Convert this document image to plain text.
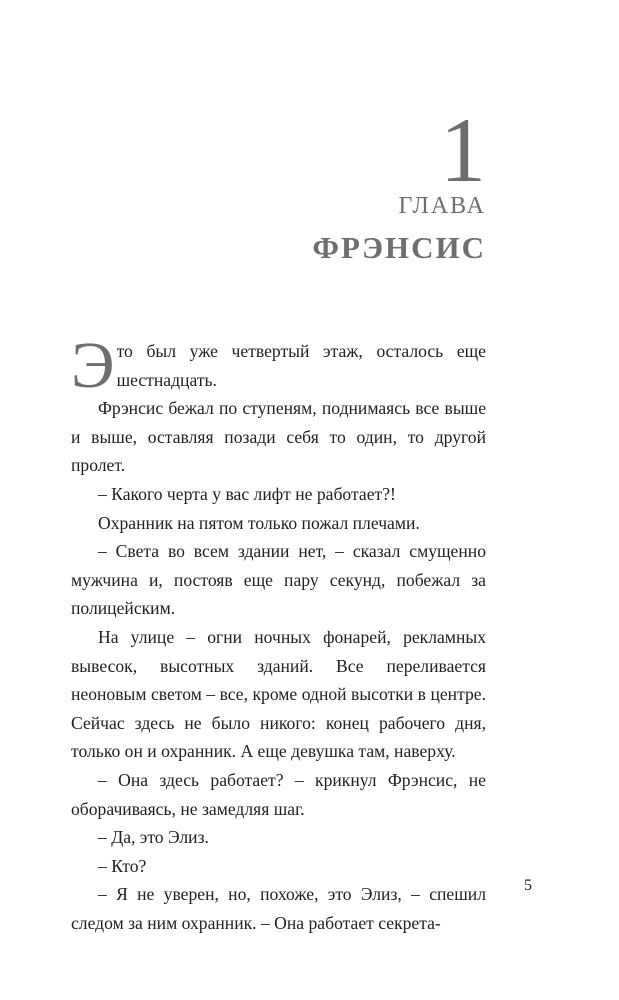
1
ГЛАВА
ФРЭНСИС

Это был уже четвертый этаж, осталось еще шестнадцать.

Фрэнсис бежал по ступеням, поднимаясь все выше и выше, оставляя позади себя то один, то другой пролет.

– Какого черта у вас лифт не работает?!

Охранник на пятом только пожал плечами.

– Света во всем здании нет, – сказал смущенно мужчина и, постояв еще пару секунд, побежал за полицейским.

На улице – огни ночных фонарей, рекламных вывесок, высотных зданий. Все переливается неоновым светом – все, кроме одной высотки в центре. Сейчас здесь не было никого: конец рабочего дня, только он и охранник. А еще девушка там, наверху.

– Она здесь работает? – крикнул Фрэнсис, не оборачиваясь, не замедляя шаг.

– Да, это Элиз.

– Кто?

– Я не уверен, но, похоже, это Элиз, – спешил следом за ним охранник. – Она работает секрета-

5
